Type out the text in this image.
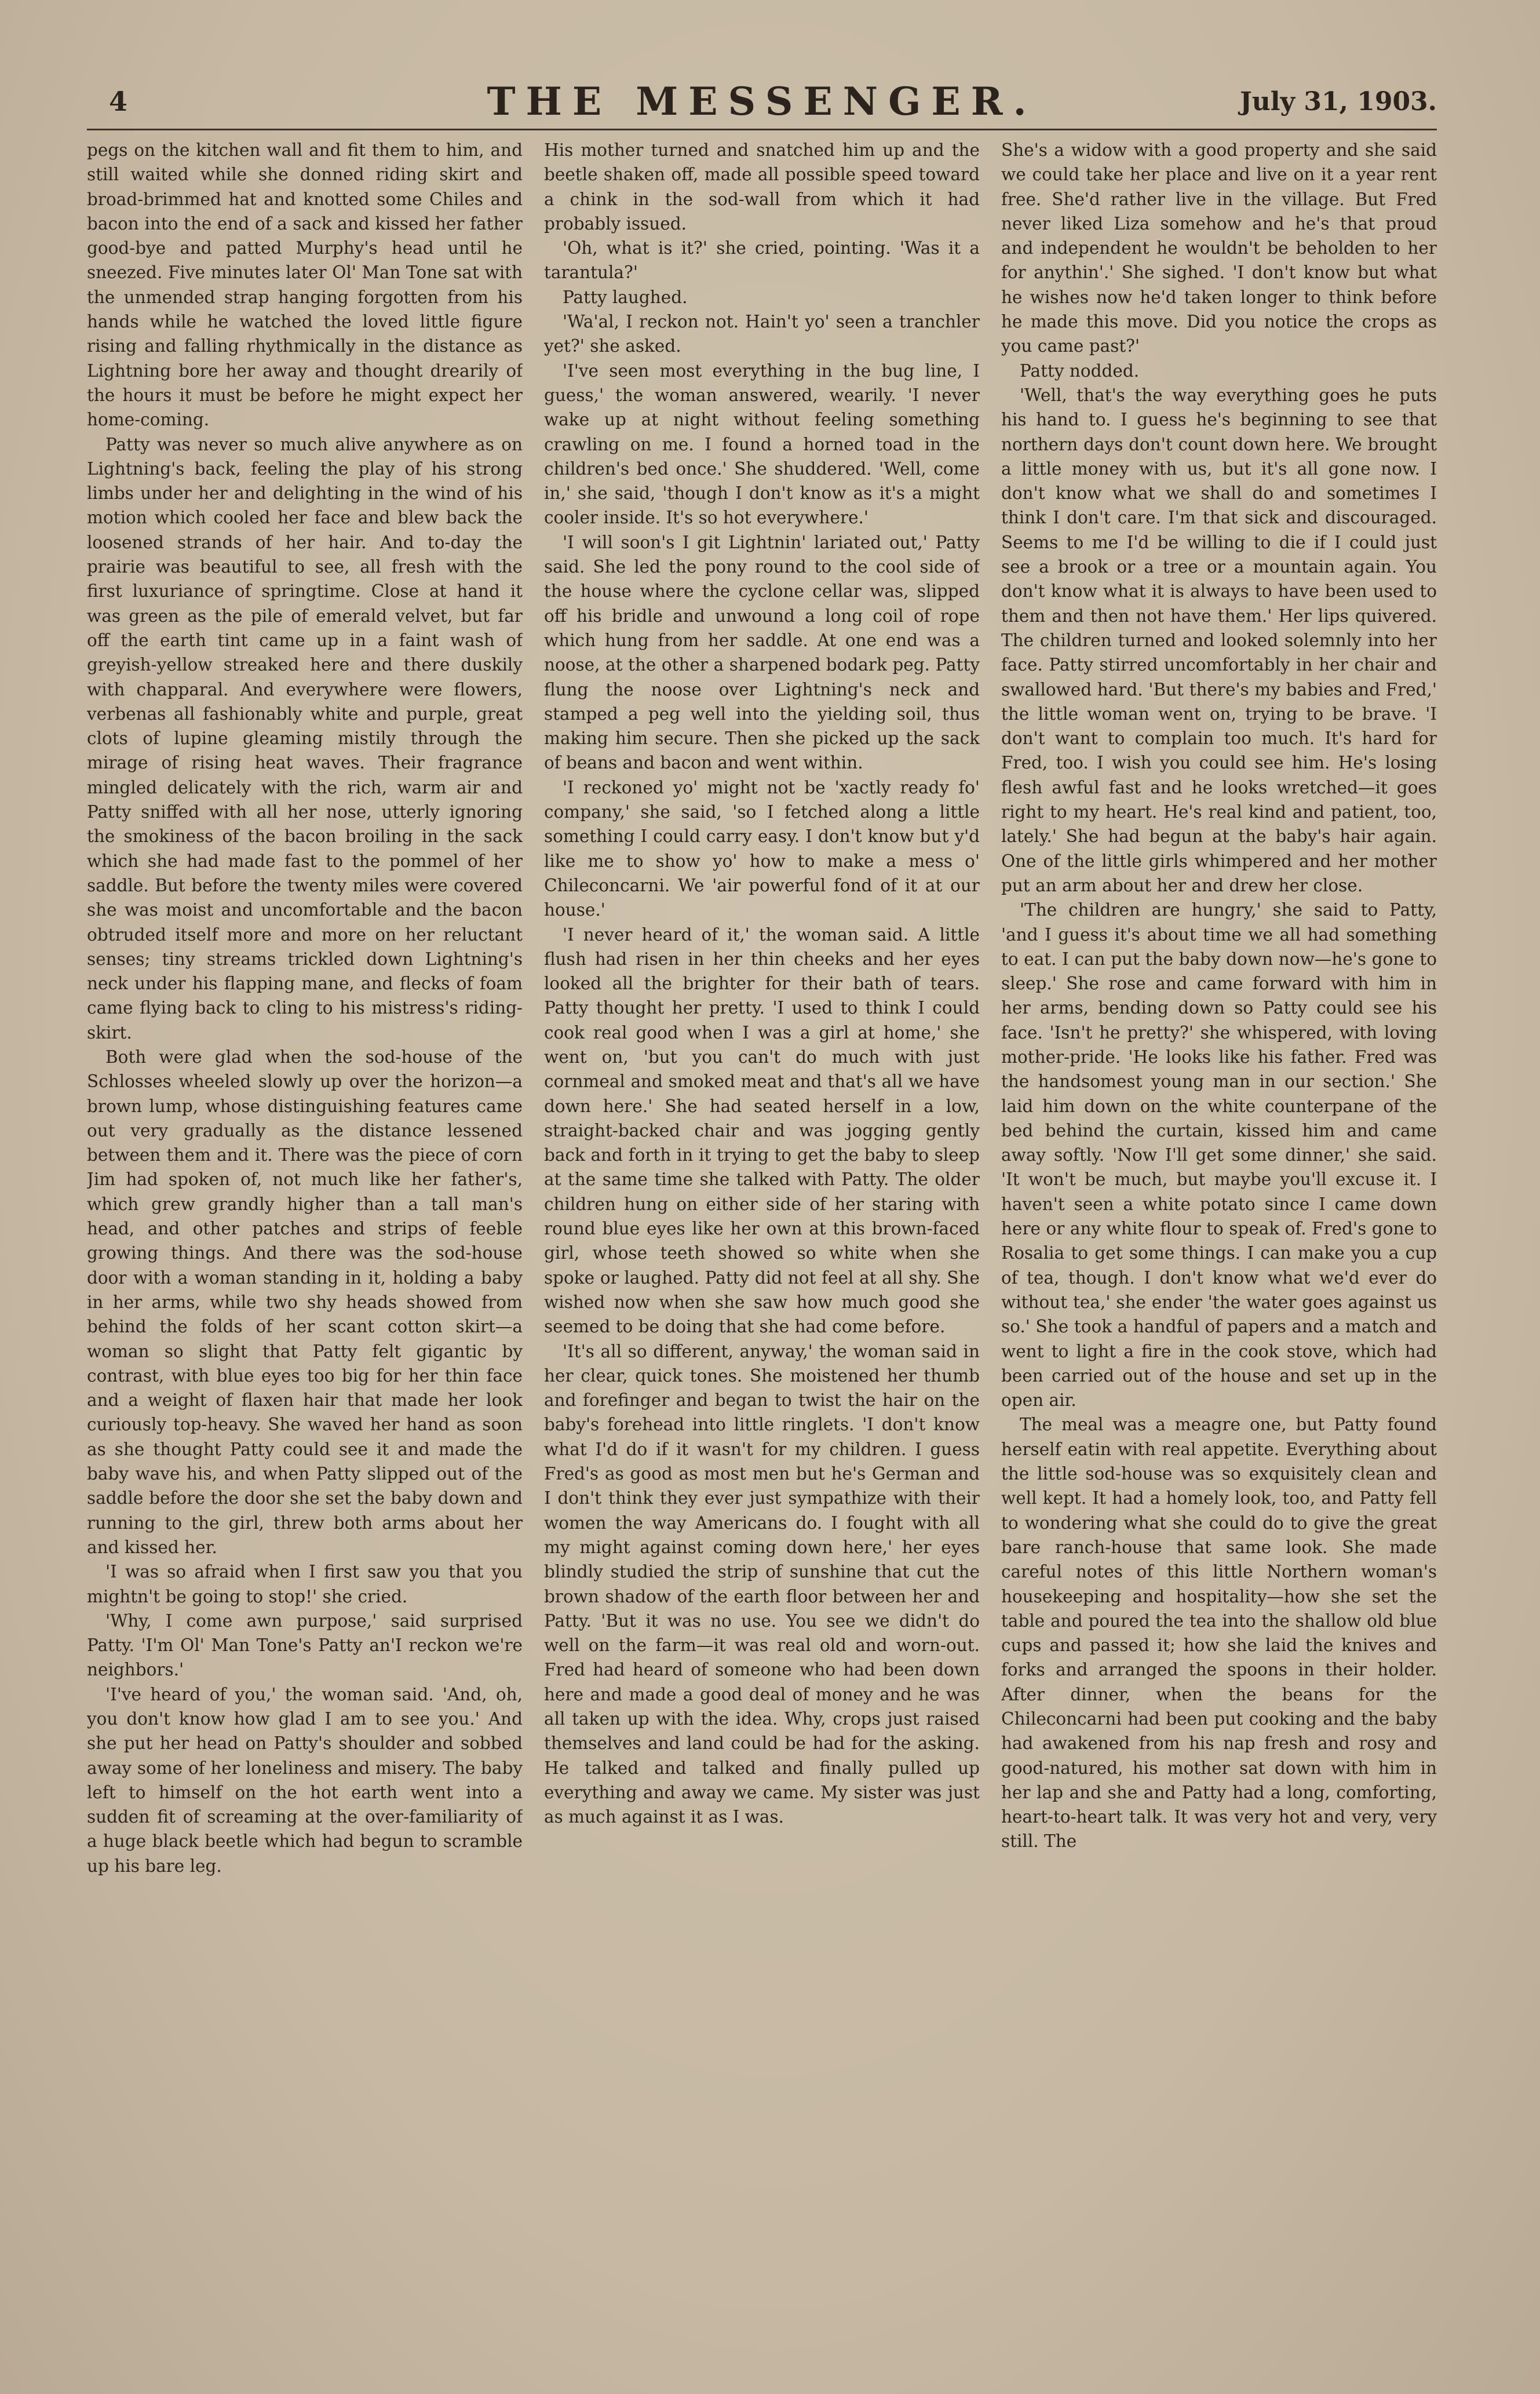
4	THE MESSENGER.	July 31, 1903.

pegs on the kitchen wall and fit them to him, and still waited while she donned riding skirt and broad-brimmed hat and knotted some Chiles and bacon into the end of a sack and kissed her father good-bye and patted Murphy's head until he sneezed. Five minutes later Ol' Man Tone sat with the unmended strap hanging forgotten from his hands while he watched the loved little figure rising and falling rhythmically in the distance as Lightning bore her away and thought drearily of the hours it must be before he might expect her home-coming.

Patty was never so much alive anywhere as on Lightning's back, feeling the play of his strong limbs under her and delighting in the wind of his motion which cooled her face and blew back the loosened strands of her hair. And to-day the prairie was beautiful to see, all fresh with the first luxuriance of springtime. Close at hand it was green as the pile of emerald velvet, but far off the earth tint came up in a faint wash of greyish-yellow streaked here and there duskily with chapparal. And everywhere were flowers, verbenas all fashionably white and purple, great clots of lupine gleaming mistily through the mirage of rising heat waves. Their fragrance mingled delicately with the rich, warm air and Patty sniffed with all her nose, utterly ignoring the smokiness of the bacon broiling in the sack which she had made fast to the pommel of her saddle. But before the twenty miles were covered she was moist and uncomfortable and the bacon obtruded itself more and more on her reluctant senses; tiny streams trickled down Lightning's neck under his flapping mane, and flecks of foam came flying back to cling to his mistress's riding-skirt.

Both were glad when the sod-house of the Schlosses wheeled slowly up over the horizon—a brown lump, whose distinguishing features came out very gradually as the distance lessened between them and it. There was the piece of corn Jim had spoken of, not much like her father's, which grew grandly higher than a tall man's head, and other patches and strips of feeble growing things. And there was the sod-house door with a woman standing in it, holding a baby in her arms, while two shy heads showed from behind the folds of her scant cotton skirt—a woman so slight that Patty felt gigantic by contrast, with blue eyes too big for her thin face and a weight of flaxen hair that made her look curiously top-heavy. She waved her hand as soon as she thought Patty could see it and made the baby wave his, and when Patty slipped out of the saddle before the door she set the baby down and running to the girl, threw both arms about her and kissed her.

'I was so afraid when I first saw you that you mightn't be going to stop!' she cried.

'Why, I come awn purpose,' said surprised Patty. 'I'm Ol' Man Tone's Patty an'I reckon we're neighbors.'

'I've heard of you,' the woman said. 'And, oh, you don't know how glad I am to see you.' And she put her head on Patty's shoulder and sobbed away some of her loneliness and misery. The baby left to himself on the hot earth went into a sudden fit of screaming at the over-familiarity of a huge black beetle which had begun to scramble up his bare leg.

His mother turned and snatched him up and the beetle shaken off, made all possible speed toward a chink in the sod-wall from which it had probably issued.

'Oh, what is it?' she cried, pointing. 'Was it a tarantula?'

Patty laughed.

'Wa'al, I reckon not. Hain't yo' seen a tranchler yet?' she asked.

'I've seen most everything in the bug line, I guess,' the woman answered, wearily. 'I never wake up at night without feeling something crawling on me. I found a horned toad in the children's bed once.' She shuddered. 'Well, come in,' she said, 'though I don't know as it's a might cooler inside. It's so hot everywhere.'

'I will soon's I git Lightnin' lariated out,' Patty said. She led the pony round to the cool side of the house where the cyclone cellar was, slipped off his bridle and unwound a long coil of rope which hung from her saddle. At one end was a noose, at the other a sharpened bodark peg. Patty flung the noose over Lightning's neck and stamped a peg well into the yielding soil, thus making him secure. Then she picked up the sack of beans and bacon and went within.

'I reckoned yo' might not be 'xactly ready fo' company,' she said, 'so I fetched along a little something I could carry easy. I don't know but y'd like me to show yo' how to make a mess o' Chileconcarni. We 'air powerful fond of it at our house.'

'I never heard of it,' the woman said. A little flush had risen in her thin cheeks and her eyes looked all the brighter for their bath of tears. Patty thought her pretty. 'I used to think I could cook real good when I was a girl at home,' she went on, 'but you can't do much with just cornmeal and smoked meat and that's all we have down here.' She had seated herself in a low, straight-backed chair and was jogging gently back and forth in it trying to get the baby to sleep at the same time she talked with Patty. The older children hung on either side of her staring with round blue eyes like her own at this brown-faced girl, whose teeth showed so white when she spoke or laughed. Patty did not feel at all shy. She wished now when she saw how much good she seemed to be doing that she had come before.

'It's all so different, anyway,' the woman said in her clear, quick tones. She moistened her thumb and forefinger and began to twist the hair on the baby's forehead into little ringlets. 'I don't know what I'd do if it wasn't for my children. I guess Fred's as good as most men but he's German and I don't think they ever just sympathize with their women the way Americans do. I fought with all my might against coming down here,' her eyes blindly studied the strip of sunshine that cut the brown shadow of the earth floor between her and Patty. 'But it was no use. You see we didn't do well on the farm—it was real old and worn-out. Fred had heard of someone who had been down here and made a good deal of money and he was all taken up with the idea. Why, crops just raised themselves and land could be had for the asking. He talked and talked and finally pulled up everything and away we came. My sister was just as much against it as I was.

She's a widow with a good property and she said we could take her place and live on it a year rent free. She'd rather live in the village. But Fred never liked Liza somehow and he's that proud and independent he wouldn't be beholden to her for anythin'.' She sighed. 'I don't know but what he wishes now he'd taken longer to think before he made this move. Did you notice the crops as you came past?'

Patty nodded.

'Well, that's the way everything goes he puts his hand to. I guess he's beginning to see that northern days don't count down here. We brought a little money with us, but it's all gone now. I don't know what we shall do and sometimes I think I don't care. I'm that sick and discouraged. Seems to me I'd be willing to die if I could just see a brook or a tree or a mountain again. You don't know what it is always to have been used to them and then not have them.' Her lips quivered. The children turned and looked solemnly into her face. Patty stirred uncomfortably in her chair and swallowed hard. 'But there's my babies and Fred,' the little woman went on, trying to be brave. 'I don't want to complain too much. It's hard for Fred, too. I wish you could see him. He's losing flesh awful fast and he looks wretched—it goes right to my heart. He's real kind and patient, too, lately.' She had begun at the baby's hair again. One of the little girls whimpered and her mother put an arm about her and drew her close.

'The children are hungry,' she said to Patty, 'and I guess it's about time we all had something to eat. I can put the baby down now—he's gone to sleep.' She rose and came forward with him in her arms, bending down so Patty could see his face. 'Isn't he pretty?' she whispered, with loving mother-pride. 'He looks like his father. Fred was the handsomest young man in our section.' She laid him down on the white counterpane of the bed behind the curtain, kissed him and came away softly. 'Now I'll get some dinner,' she said. 'It won't be much, but maybe you'll excuse it. I haven't seen a white potato since I came down here or any white flour to speak of. Fred's gone to Rosalia to get some things. I can make you a cup of tea, though. I don't know what we'd ever do without tea,' she ender 'the water goes against us so.' She took a handful of papers and a match and went to light a fire in the cook stove, which had been carried out of the house and set up in the open air.

The meal was a meagre one, but Patty found herself eatin with real appetite. Everything about the little sod-house was so exquisitely clean and well kept. It had a homely look, too, and Patty fell to wondering what she could do to give the great bare ranch-house that same look. She made careful notes of this little Northern woman's housekeeping and hospitality—how she set the table and poured the tea into the shallow old blue cups and passed it; how she laid the knives and forks and arranged the spoons in their holder. After dinner, when the beans for the Chileconcarni had been put cooking and the baby had awakened from his nap fresh and rosy and good-natured, his mother sat down with him in her lap and she and Patty had a long, comforting, heart-to-heart talk. It was very hot and very, very still. The
